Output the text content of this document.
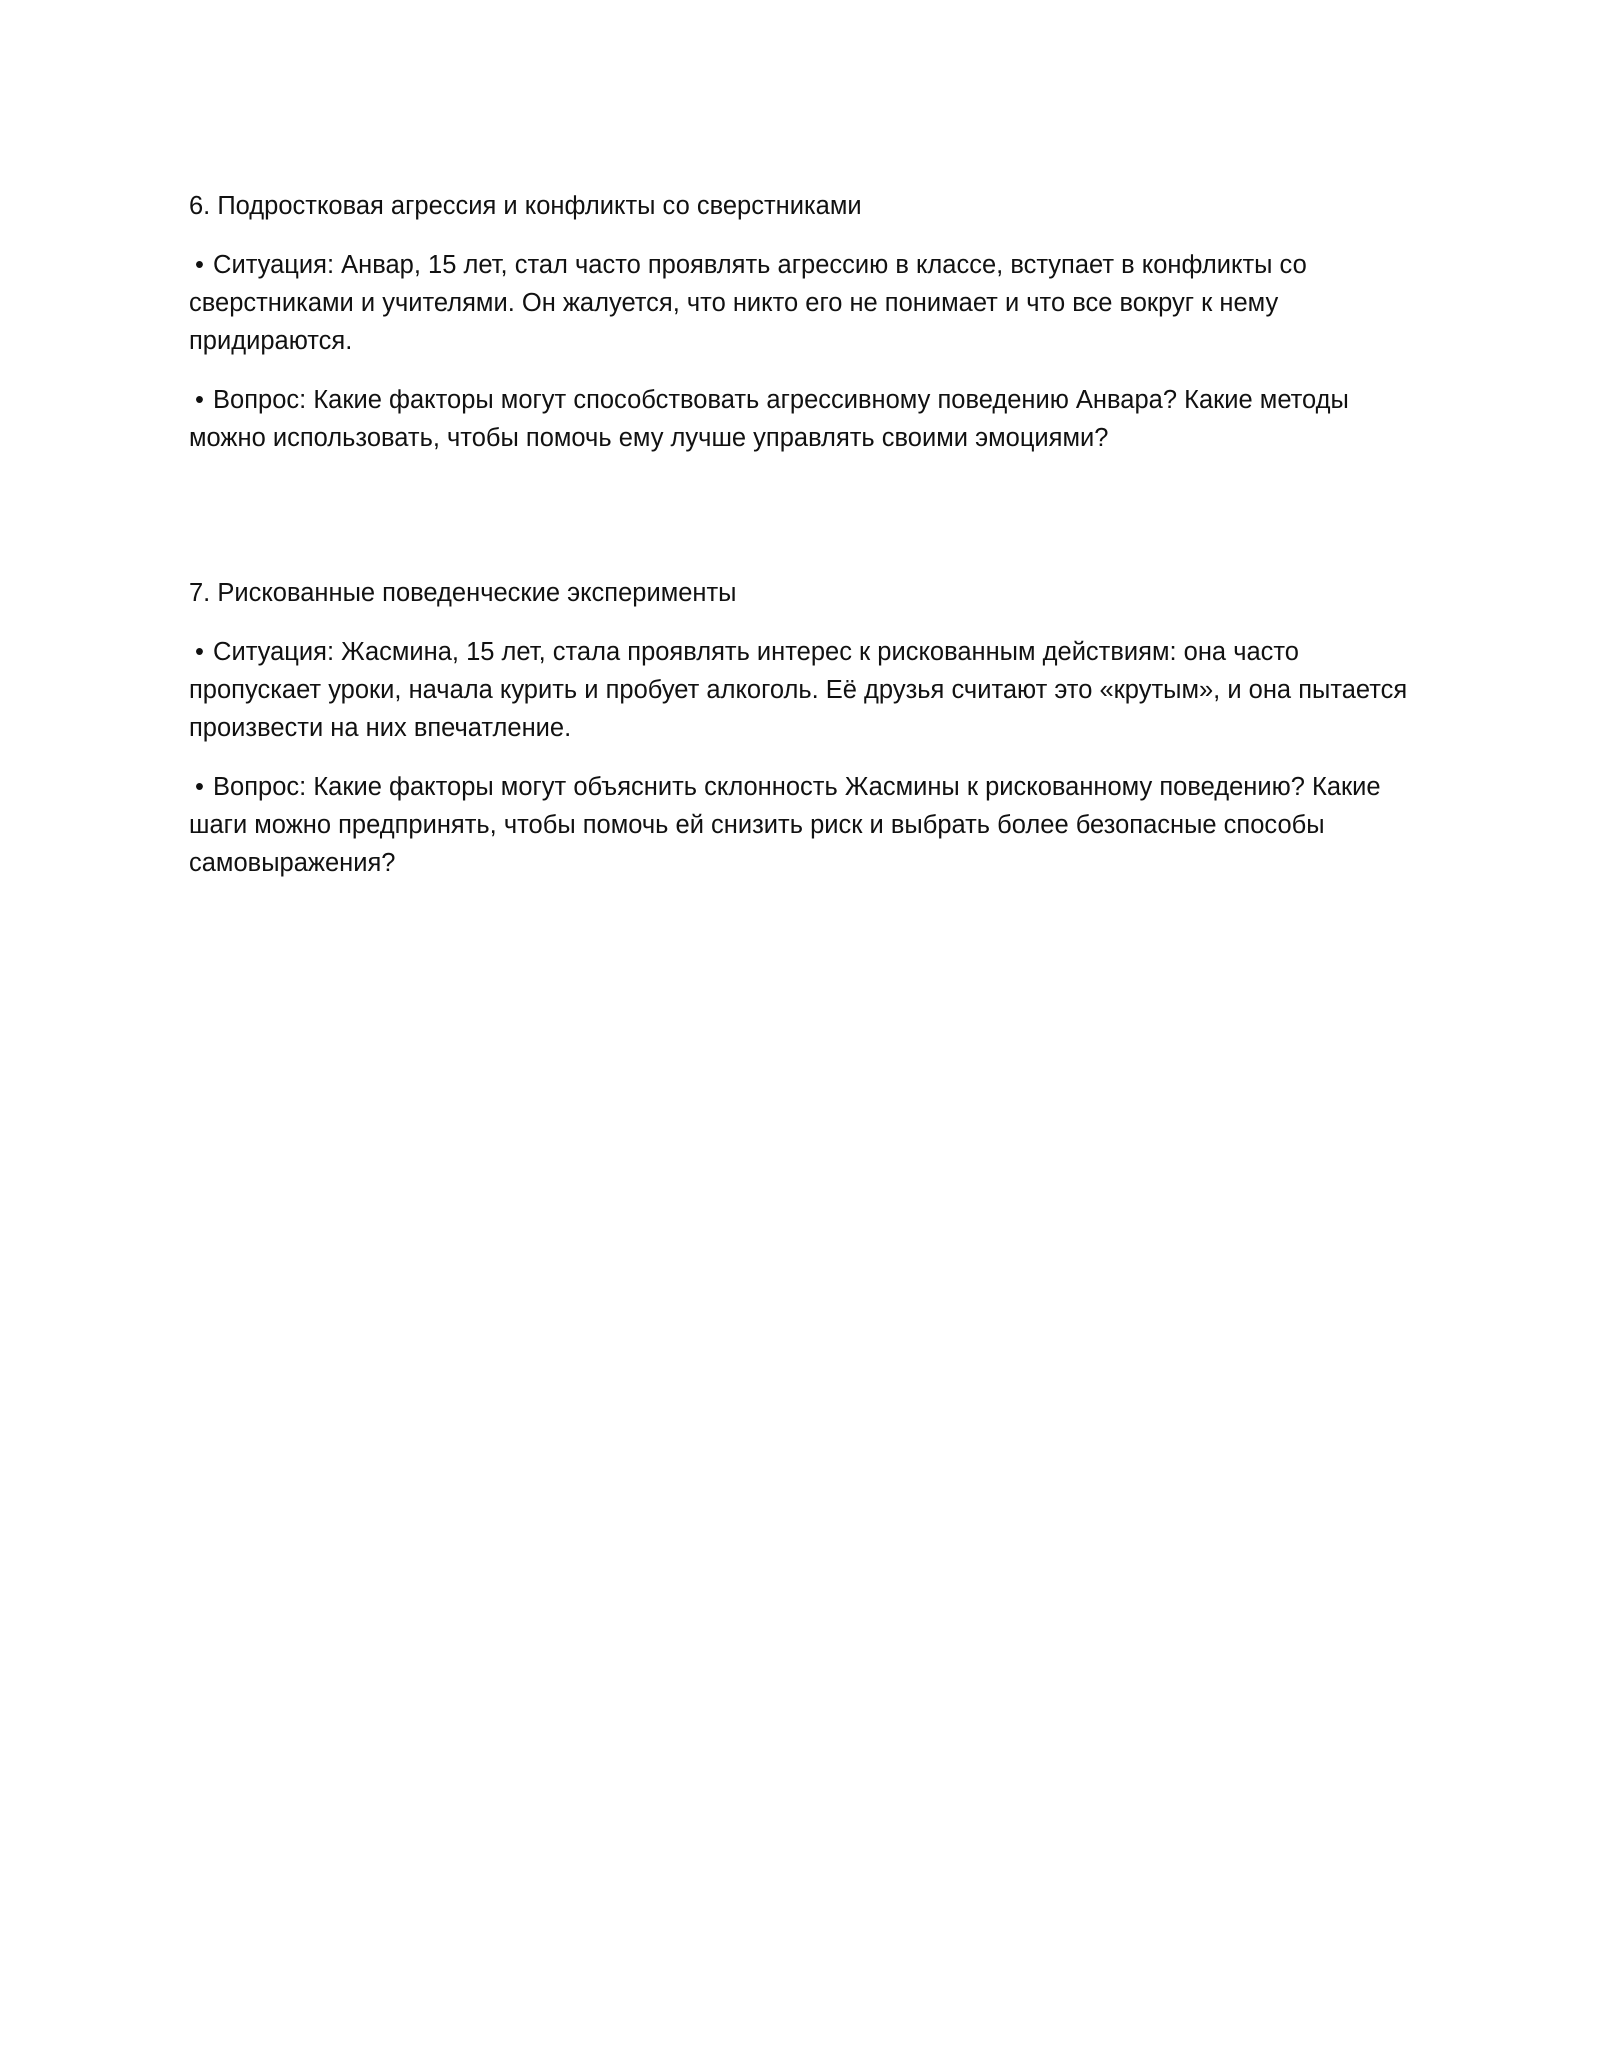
6. Подростковая агрессия и конфликты со сверстниками

• Ситуация: Анвар, 15 лет, стал часто проявлять агрессию в классе, вступает в конфликты со сверстниками и учителями. Он жалуется, что никто его не понимает и что все вокруг к нему придираются.

• Вопрос: Какие факторы могут способствовать агрессивному поведению Анвара? Какие методы можно использовать, чтобы помочь ему лучше управлять своими эмоциями?

7. Рискованные поведенческие эксперименты

• Ситуация: Жасмина, 15 лет, стала проявлять интерес к рискованным действиям: она часто пропускает уроки, начала курить и пробует алкоголь. Её друзья считают это «крутым», и она пытается произвести на них впечатление.

• Вопрос: Какие факторы могут объяснить склонность Жасмины к рискованному поведению? Какие шаги можно предпринять, чтобы помочь ей снизить риск и выбрать более безопасные способы самовыражения?
